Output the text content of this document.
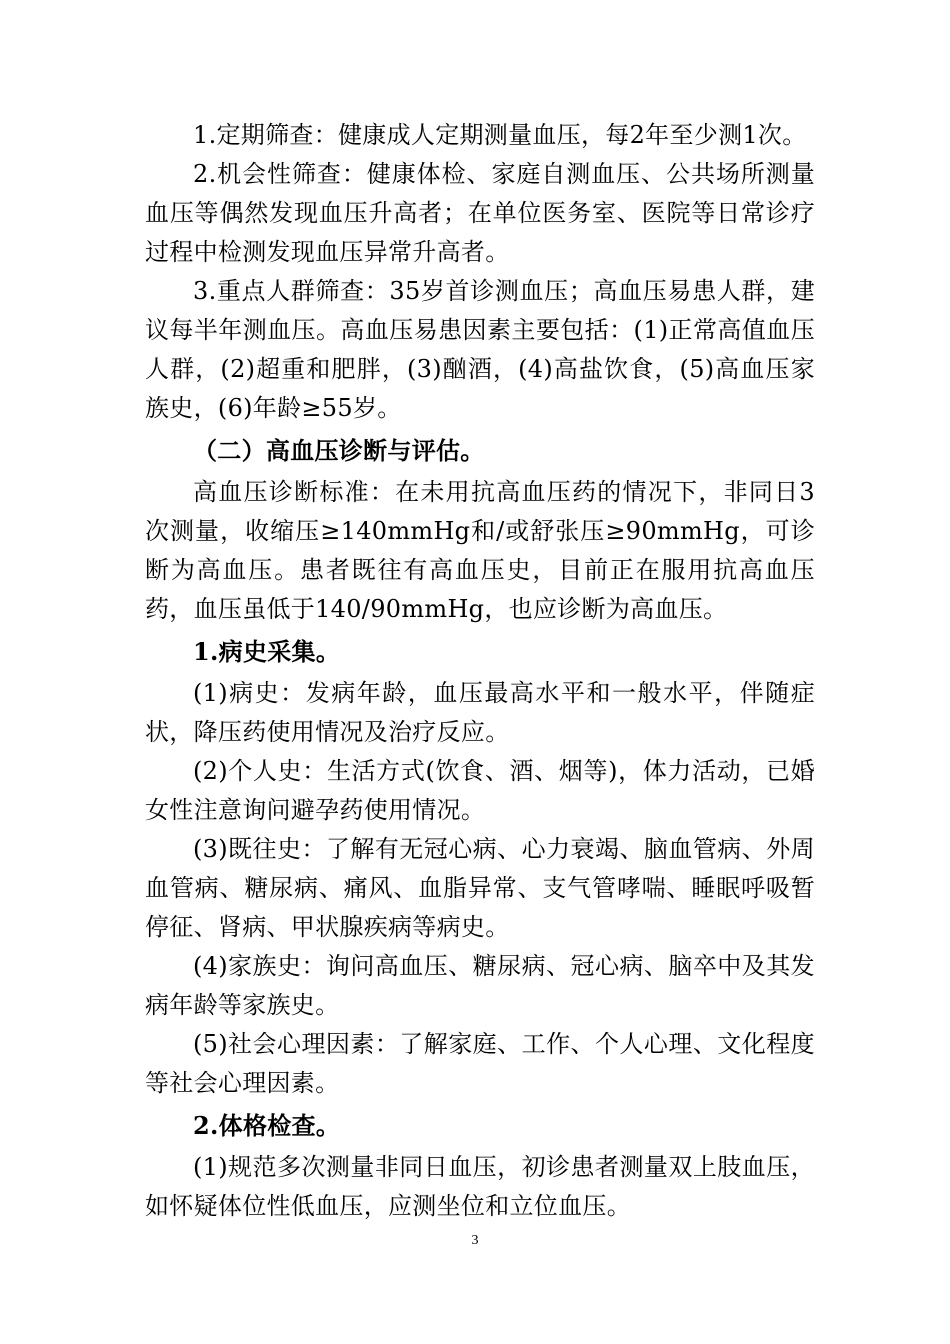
1.定期筛查：健康成人定期测量血压，每2年至少测1次。

2.机会性筛查：健康体检、家庭自测血压、公共场所测量血压等偶然发现血压升高者；在单位医务室、医院等日常诊疗过程中检测发现血压异常升高者。

3.重点人群筛查：35岁首诊测血压；高血压易患人群，建议每半年测血压。高血压易患因素主要包括：(1)正常高值血压人群，(2)超重和肥胖，(3)酗酒，(4)高盐饮食，(5)高血压家族史，(6)年龄≥55岁。

（二）高血压诊断与评估。

高血压诊断标准：在未用抗高血压药的情况下，非同日3次测量，收缩压≥140mmHg和/或舒张压≥90mmHg，可诊断为高血压。患者既往有高血压史，目前正在服用抗高血压药，血压虽低于140/90mmHg，也应诊断为高血压。

1.病史采集。

(1)病史：发病年龄，血压最高水平和一般水平，伴随症状，降压药使用情况及治疗反应。

(2)个人史：生活方式(饮食、酒、烟等)，体力活动，已婚女性注意询问避孕药使用情况。

(3)既往史：了解有无冠心病、心力衰竭、脑血管病、外周血管病、糖尿病、痛风、血脂异常、支气管哮喘、睡眠呼吸暂停征、肾病、甲状腺疾病等病史。

(4)家族史：询问高血压、糖尿病、冠心病、脑卒中及其发病年龄等家族史。

(5)社会心理因素：了解家庭、工作、个人心理、文化程度等社会心理因素。

2.体格检查。

(1)规范多次测量非同日血压，初诊患者测量双上肢血压，如怀疑体位性低血压，应测坐位和立位血压。

3
